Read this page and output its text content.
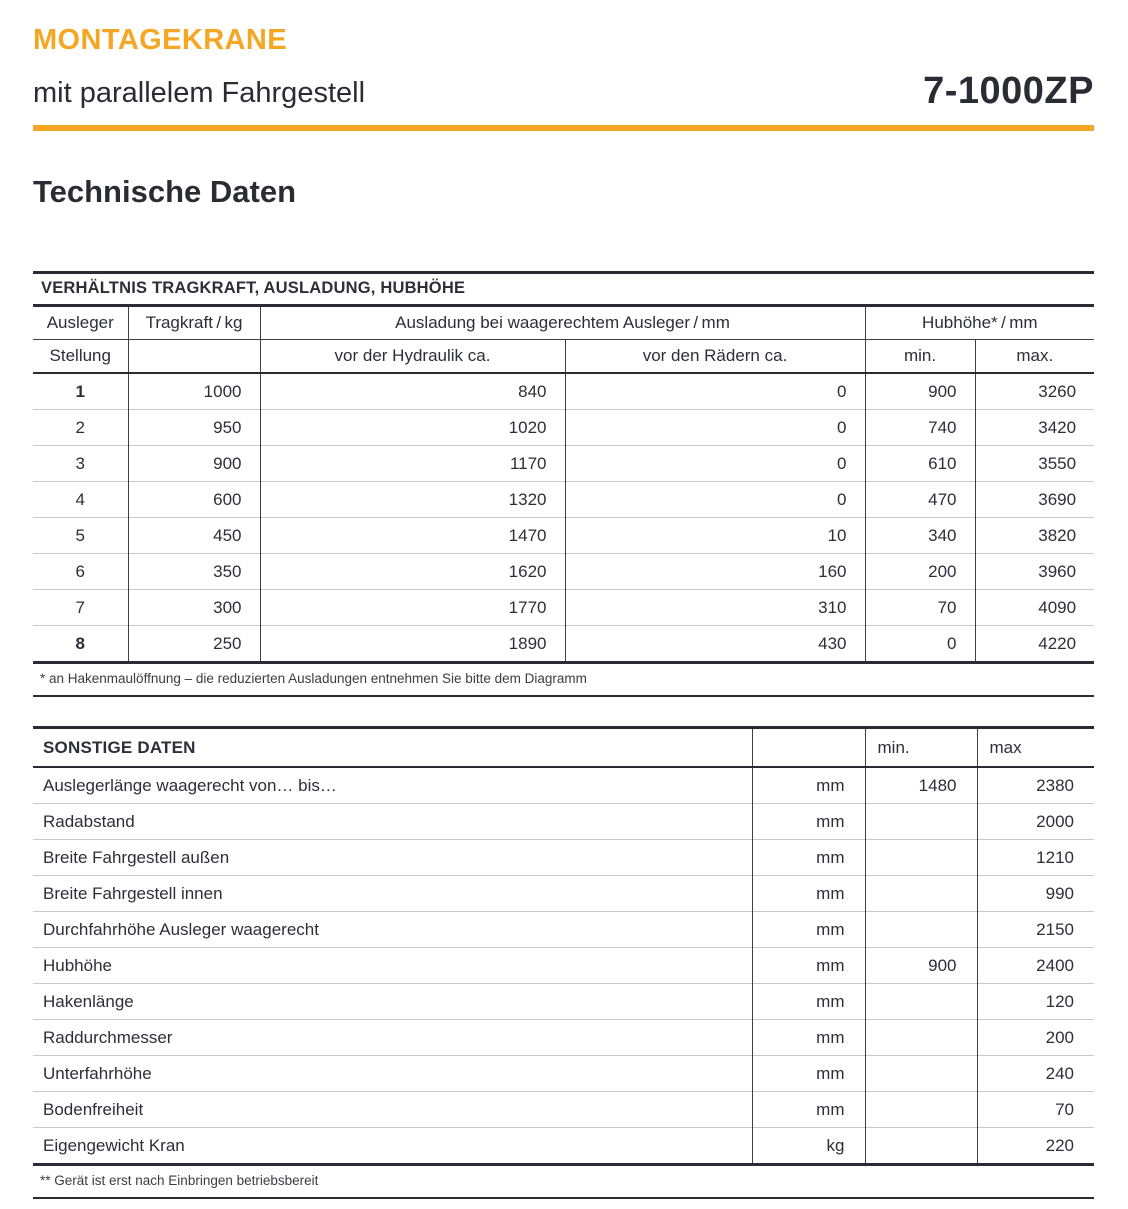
MONTAGEKRANE
mit parallelem Fahrgestell	7-1000ZP
Technische Daten
VERHÄLTNIS TRAGKRAFT, AUSLADUNG, HUBHÖHE					
Ausleger	Tragkraft / kg	Ausladung bei waagerechtem Ausleger / mm		Hubhöhe* / mm	
Stellung		vor der Hydraulik ca.	vor den Rädern ca.	min.	max.
1	1000	840	0	900	3260
2	950	1020	0	740	3420
3	900	1170	0	610	3550
4	600	1320	0	470	3690
5	450	1470	10	340	3820
6	350	1620	160	200	3960
7	300	1770	310	70	4090
8	250	1890	430	0	4220
* an Hakenmaulöffnung – die reduzierten Ausladungen entnehmen Sie bitte dem Diagramm
SONSTIGE DATEN		min.	max
Auslegerlänge waagerecht von… bis…	mm	1480	2380
Radabstand	mm		2000
Breite Fahrgestell außen	mm		1210
Breite Fahrgestell innen	mm		990
Durchfahrhöhe Ausleger waagerecht	mm		2150
Hubhöhe	mm	900	2400
Hakenlänge	mm		120
Raddurchmesser	mm		200
Unterfahrhöhe	mm		240
Bodenfreiheit	mm		70
Eigengewicht Kran	kg		220
** Gerät ist erst nach Einbringen betriebsbereit
